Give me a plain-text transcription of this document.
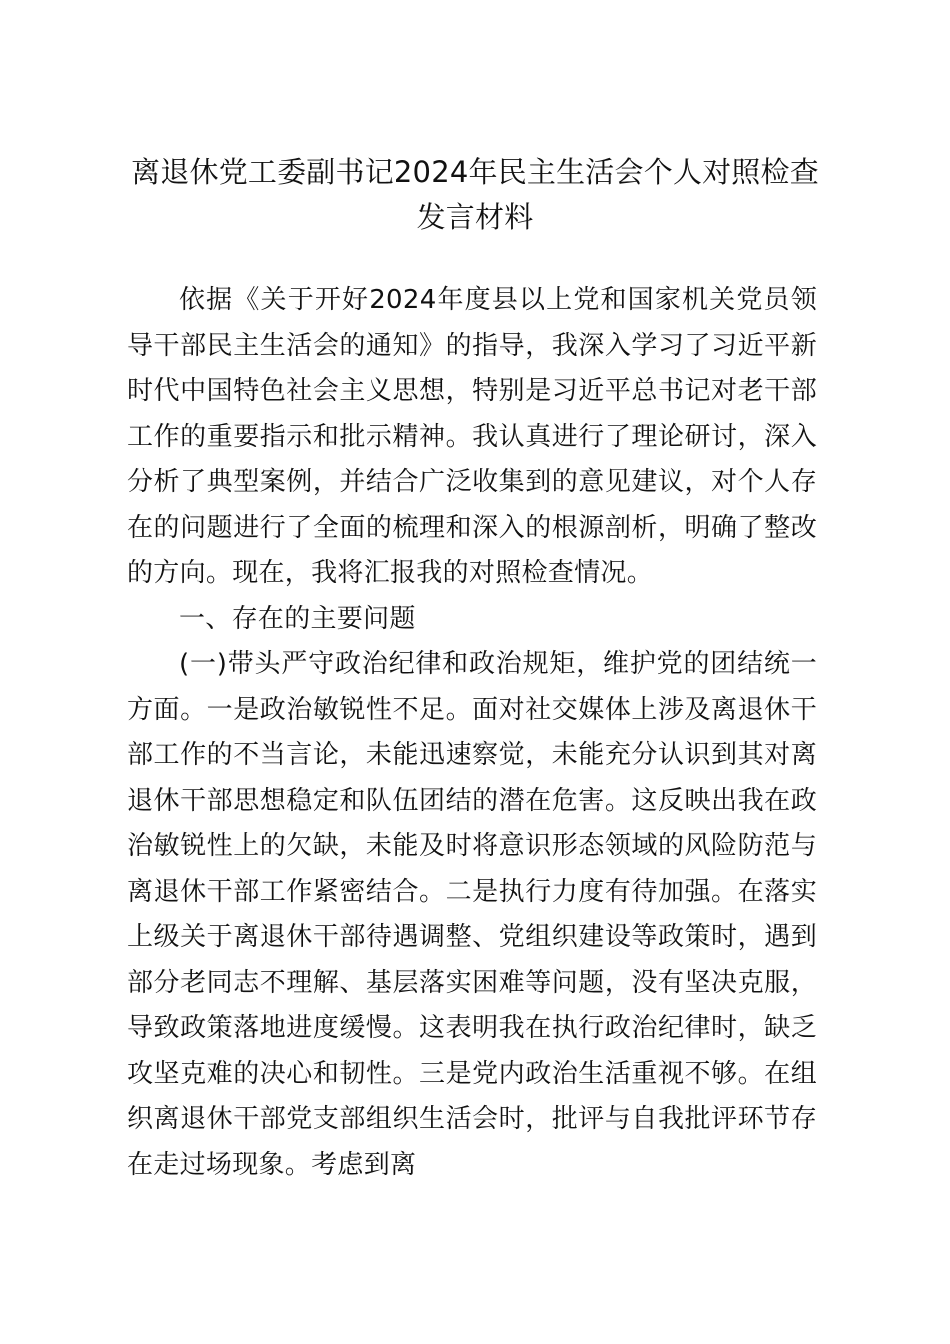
离退休党工委副书记2024年民主生活会个人对照检查
发言材料

依据《关于开好2024年度县以上党和国家机关党员领导干部民主生活会的通知》的指导，我深入学习了习近平新时代中国特色社会主义思想，特别是习近平总书记对老干部工作的重要指示和批示精神。我认真进行了理论研讨，深入分析了典型案例，并结合广泛收集到的意见建议，对个人存在的问题进行了全面的梳理和深入的根源剖析，明确了整改的方向。现在，我将汇报我的对照检查情况。

一、存在的主要问题

(一)带头严守政治纪律和政治规矩，维护党的团结统一方面。一是政治敏锐性不足。面对社交媒体上涉及离退休干部工作的不当言论，未能迅速察觉，未能充分认识到其对离退休干部思想稳定和队伍团结的潜在危害。这反映出我在政治敏锐性上的欠缺，未能及时将意识形态领域的风险防范与离退休干部工作紧密结合。二是执行力度有待加强。在落实上级关于离退休干部待遇调整、党组织建设等政策时，遇到部分老同志不理解、基层落实困难等问题，没有坚决克服，导致政策落地进度缓慢。这表明我在执行政治纪律时，缺乏攻坚克难的决心和韧性。三是党内政治生活重视不够。在组织离退休干部党支部组织生活会时，批评与自我批评环节存在走过场现象。考虑到离
